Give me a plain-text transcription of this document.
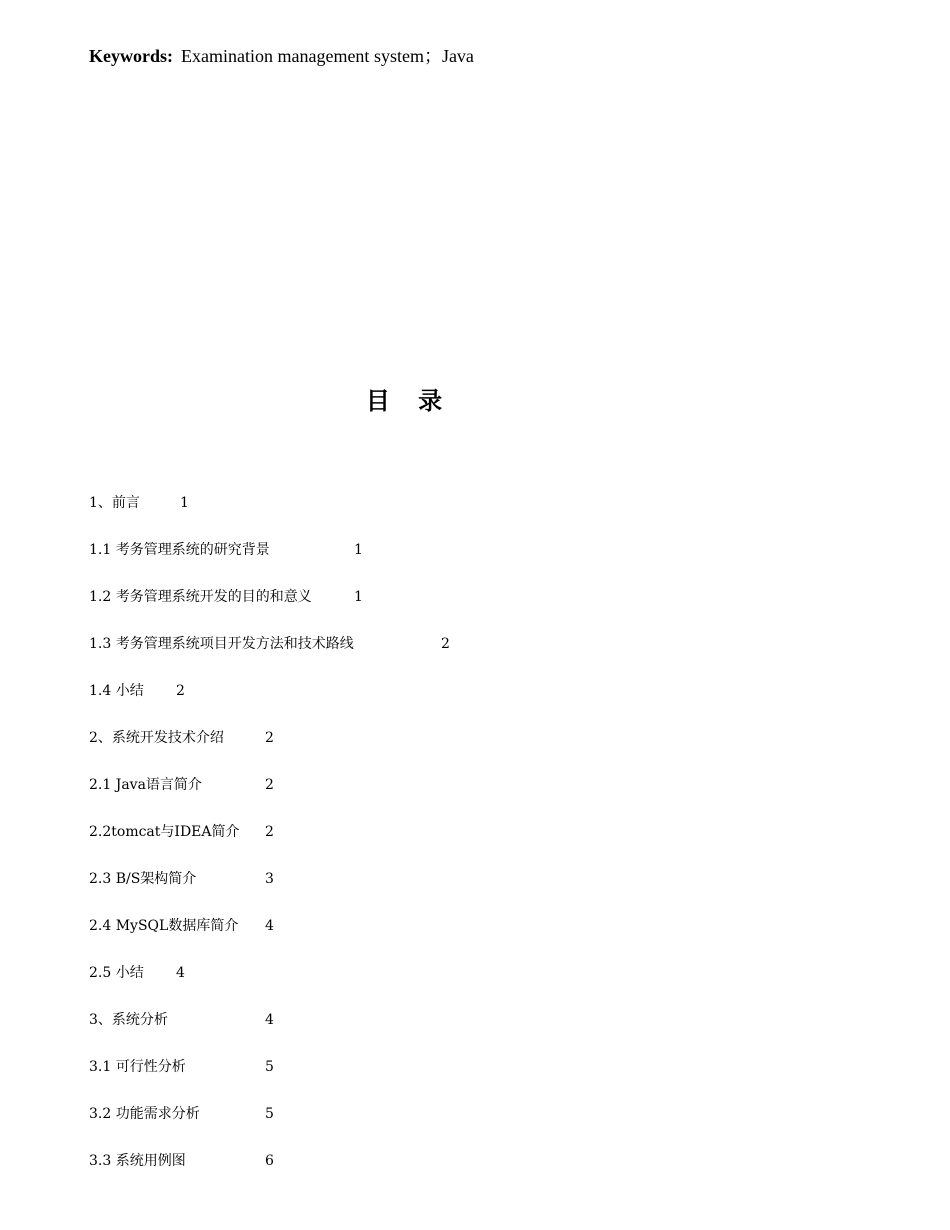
Keywords: Examination management system；Java
目 录
1、前言	1
1.1 考务管理系统的研究背景	1
1.2 考务管理系统开发的目的和意义	1
1.3 考务管理系统项目开发方法和技术路线	2
1.4 小结	2
2、系统开发技术介绍	2
2.1 Java语言简介	2
2.2tomcat与IDEA简介	2
2.3 B/S架构简介	3
2.4 MySQL数据库简介	4
2.5 小结	4
3、系统分析	4
3.1 可行性分析	5
3.2 功能需求分析	5
3.3 系统用例图	6
